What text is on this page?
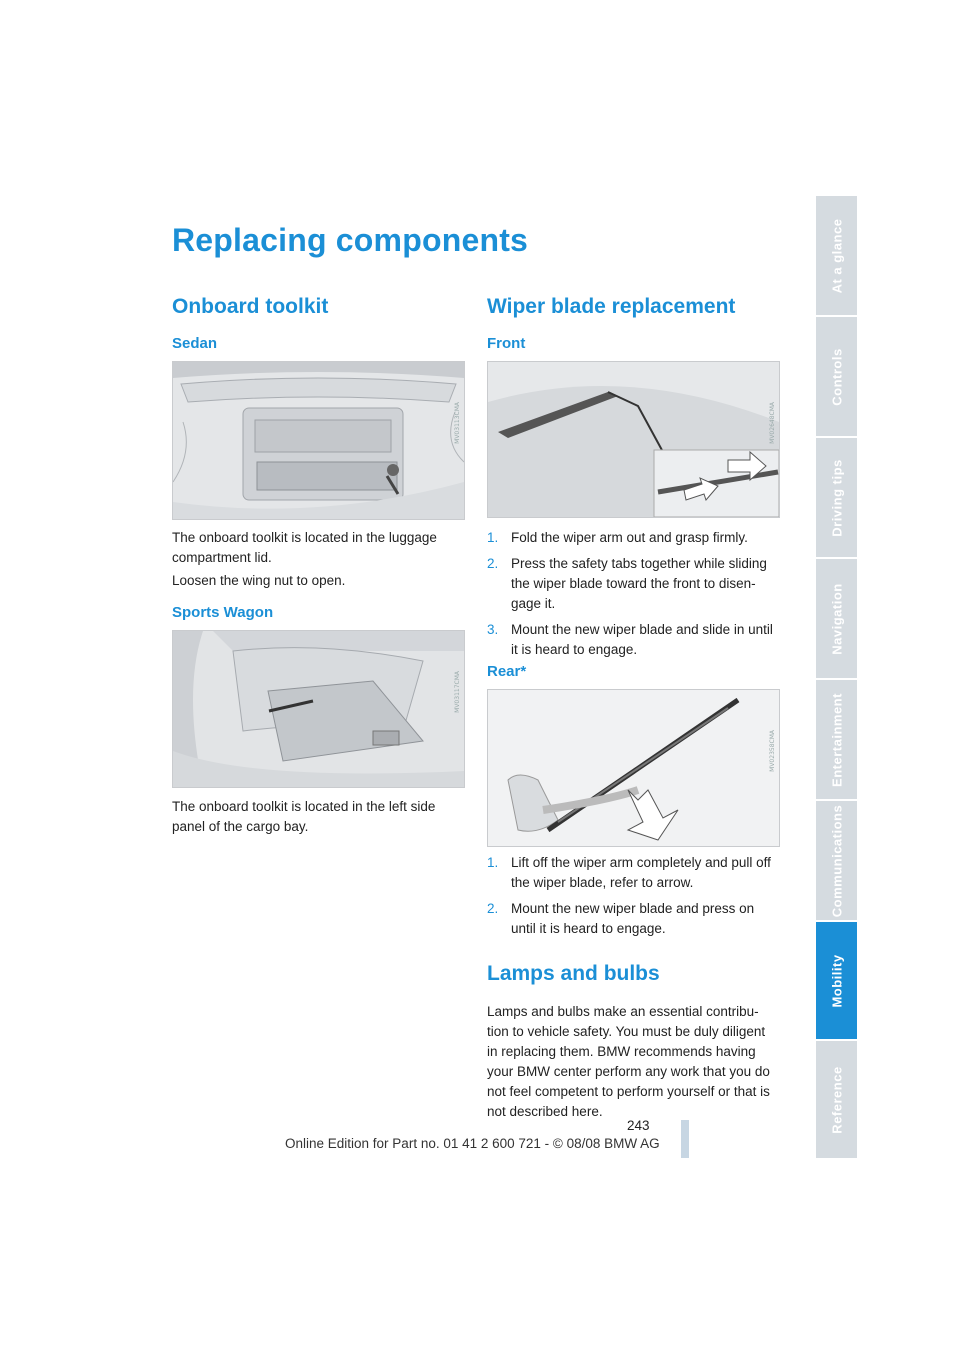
Replacing components
Onboard toolkit
Sedan
MV03113CMA

The onboard toolkit is located in the luggage compartment lid.

Loosen the wing nut to open.

Sports Wagon
MV03117CMA

The onboard toolkit is located in the left side panel of the cargo bay.

Wiper blade replacement
Front
MV02648CMA
1. Fold the wiper arm out and grasp firmly.
2. Press the safety tabs together while sliding the wiper blade toward the front to disen-gage it.
3. Mount the new wiper blade and slide in until it is heard to engage.
Rear*
MV02358CMA
1. Lift off the wiper arm completely and pull off the wiper blade, refer to arrow.
2. Mount the new wiper blade and press on until it is heard to engage.
Lamps and bulbs

Lamps and bulbs make an essential contribu-tion to vehicle safety. You must be duly diligent in replacing them. BMW recommends having your BMW center perform any work that you do not feel competent to perform yourself or that is not described here.

At a glance
Controls
Driving tips
Navigation
Entertainment
Communications
Mobility
Reference
243
Online Edition for Part no. 01 41 2 600 721 - © 08/08 BMW AG
